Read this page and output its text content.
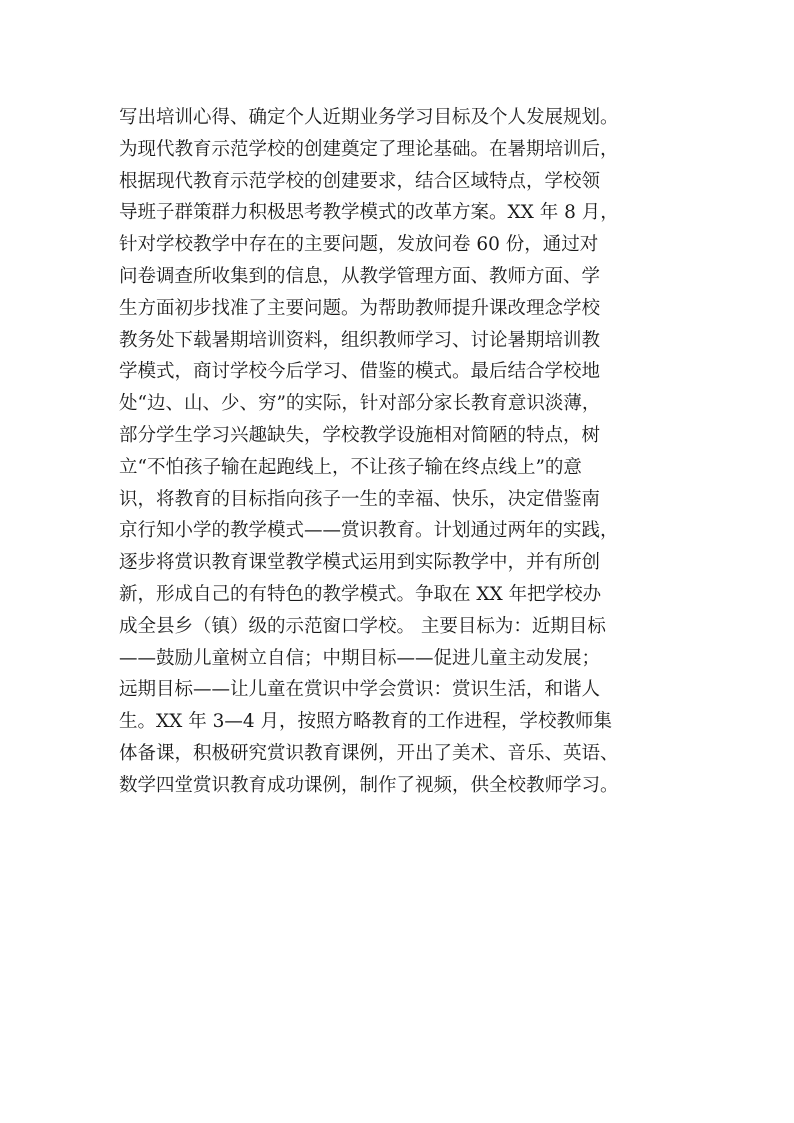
写出培训心得、确定个人近期业务学习目标及个人发展规划。
为现代教育示范学校的创建奠定了理论基础。在暑期培训后，
根据现代教育示范学校的创建要求，结合区域特点，学校领
导班子群策群力积极思考教学模式的改革方案。XX 年 8 月，
针对学校教学中存在的主要问题，发放问卷 60 份，通过对
问卷调查所收集到的信息，从教学管理方面、教师方面、学
生方面初步找准了主要问题。为帮助教师提升课改理念学校
教务处下载暑期培训资料，组织教师学习、讨论暑期培训教
学模式，商讨学校今后学习、借鉴的模式。最后结合学校地
处“边、山、少、穷”的实际，针对部分家长教育意识淡薄，
部分学生学习兴趣缺失，学校教学设施相对简陋的特点，树
立“不怕孩子输在起跑线上，不让孩子输在终点线上”的意
识，将教育的目标指向孩子一生的幸福、快乐，决定借鉴南
京行知小学的教学模式——赏识教育。计划通过两年的实践，
逐步将赏识教育课堂教学模式运用到实际教学中，并有所创
新，形成自己的有特色的教学模式。争取在 XX 年把学校办
成全县乡（镇）级的示范窗口学校。 主要目标为：近期目标
——鼓励儿童树立自信；中期目标——促进儿童主动发展；
远期目标——让儿童在赏识中学会赏识：赏识生活，和谐人
生。XX 年 3—4 月，按照方略教育的工作进程，学校教师集
体备课，积极研究赏识教育课例，开出了美术、音乐、英语、
数学四堂赏识教育成功课例，制作了视频，供全校教师学习。
